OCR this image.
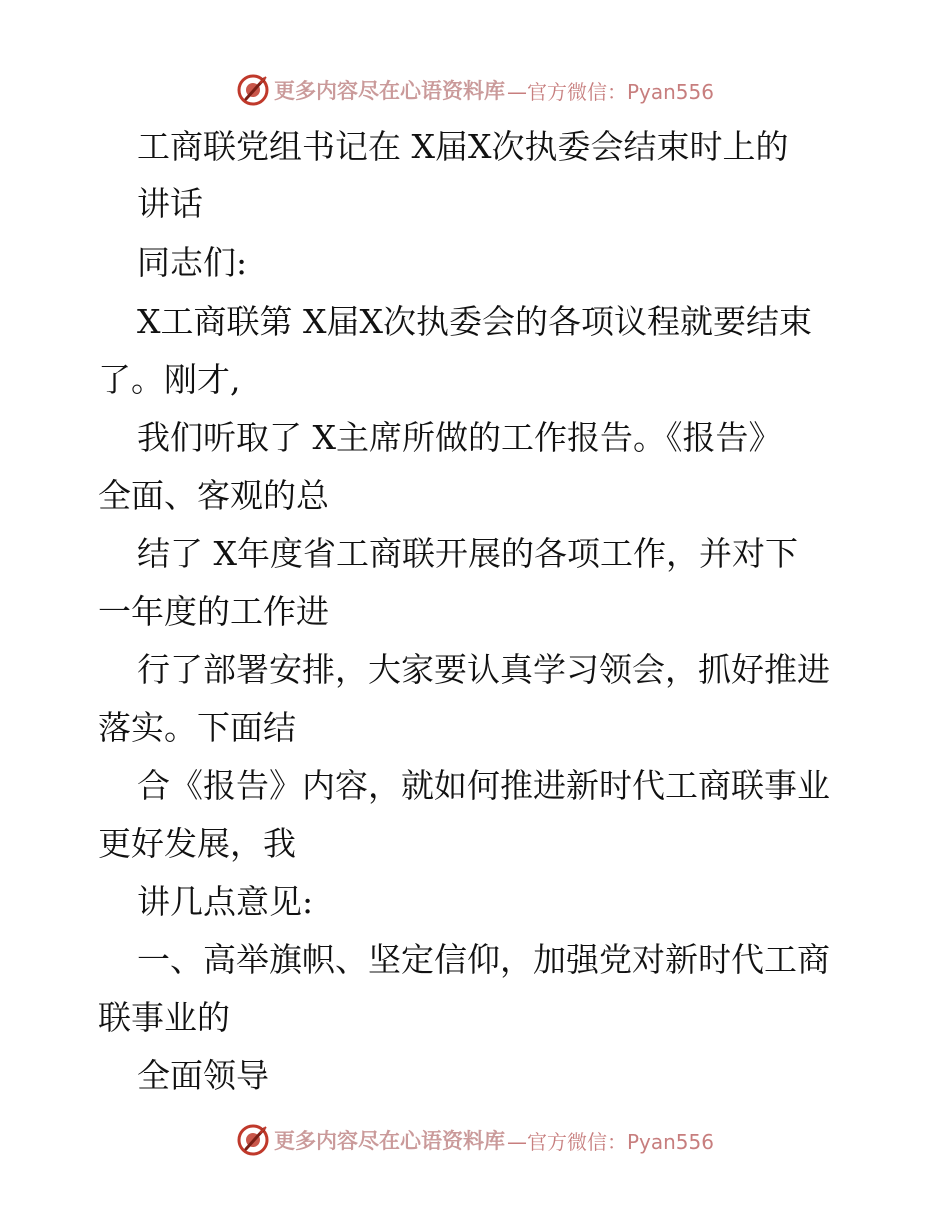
更多内容尽在心语资料库 —官方微信：Pyan556
工商联党组书记在 X届X次执委会结束时上的
讲话
同志们:
X工商联第 X届X次执委会的各项议程就要结束
了。刚才,
我们听取了 X主席所做的工作报告。《报告》
全面、客观的总
结了 X年度省工商联开展的各项工作，并对下
一年度的工作进
行了部署安排，大家要认真学习领会，抓好推进
落实。下面结
合《报告》内容，就如何推进新时代工商联事业
更好发展，我
讲几点意见:
一、高举旗帜、坚定信仰，加强党对新时代工商
联事业的
全面领导
更多内容尽在心语资料库 —官方微信：Pyan556
